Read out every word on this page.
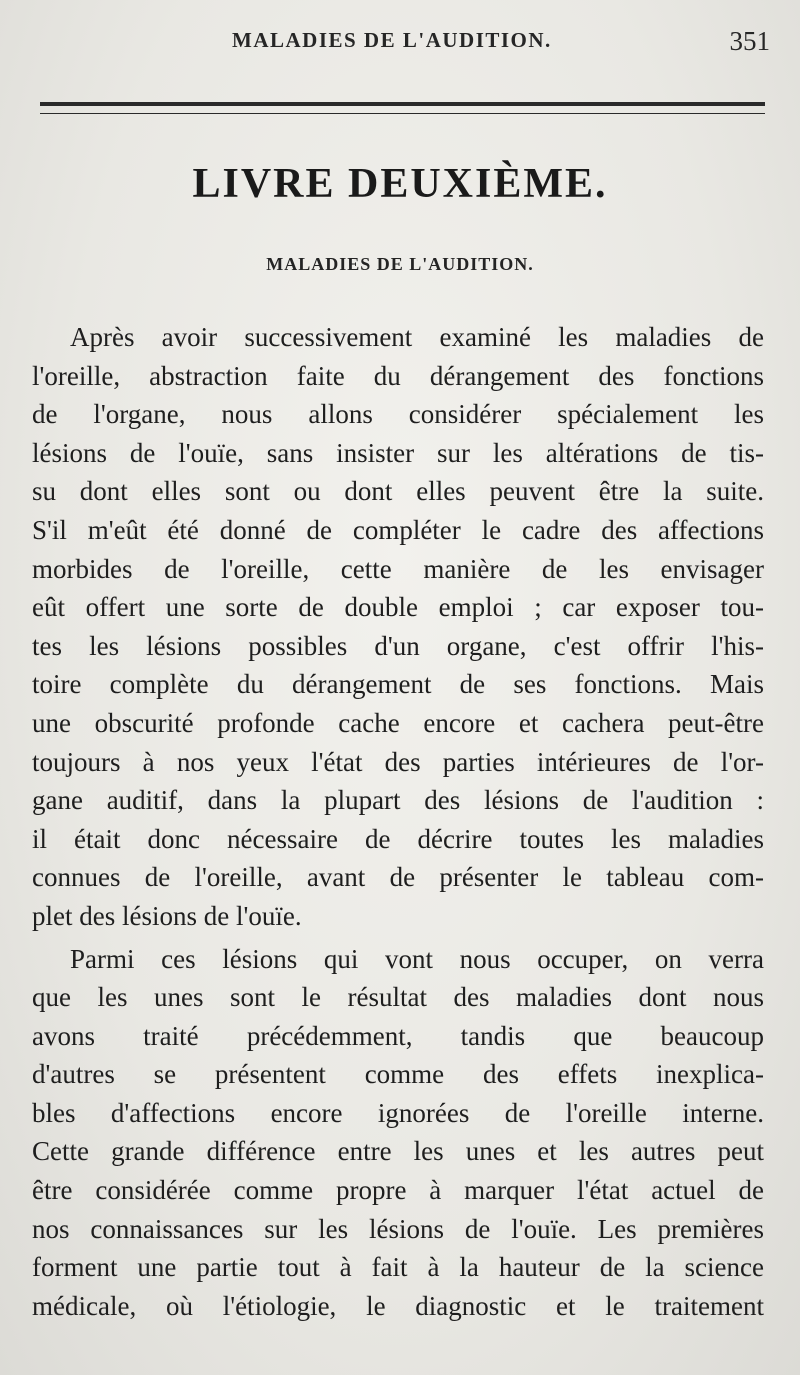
MALADIES DE L'AUDITION.	351
LIVRE DEUXIÈME.
MALADIES DE L'AUDITION.
Après avoir successivement examiné les maladies de
l'oreille, abstraction faite du dérangement des fonctions
de l'organe, nous allons considérer spécialement les
lésions de l'ouïe, sans insister sur les altérations de tis-
su dont elles sont ou dont elles peuvent être la suite.
S'il m'eût été donné de compléter le cadre des affections
morbides de l'oreille, cette manière de les envisager
eût offert une sorte de double emploi ; car exposer tou-
tes les lésions possibles d'un organe, c'est offrir l'his-
toire complète du dérangement de ses fonctions. Mais
une obscurité profonde cache encore et cachera peut-être
toujours à nos yeux l'état des parties intérieures de l'or-
gane auditif, dans la plupart des lésions de l'audition :
il était donc nécessaire de décrire toutes les maladies
connues de l'oreille, avant de présenter le tableau com-
plet des lésions de l'ouïe.
Parmi ces lésions qui vont nous occuper, on verra
que les unes sont le résultat des maladies dont nous
avons traité précédemment, tandis que beaucoup
d'autres se présentent comme des effets inexplica-
bles d'affections encore ignorées de l'oreille interne.
Cette grande différence entre les unes et les autres peut
être considérée comme propre à marquer l'état actuel de
nos connaissances sur les lésions de l'ouïe. Les premières
forment une partie tout à fait à la hauteur de la science
médicale, où l'étiologie, le diagnostic et le traitement
